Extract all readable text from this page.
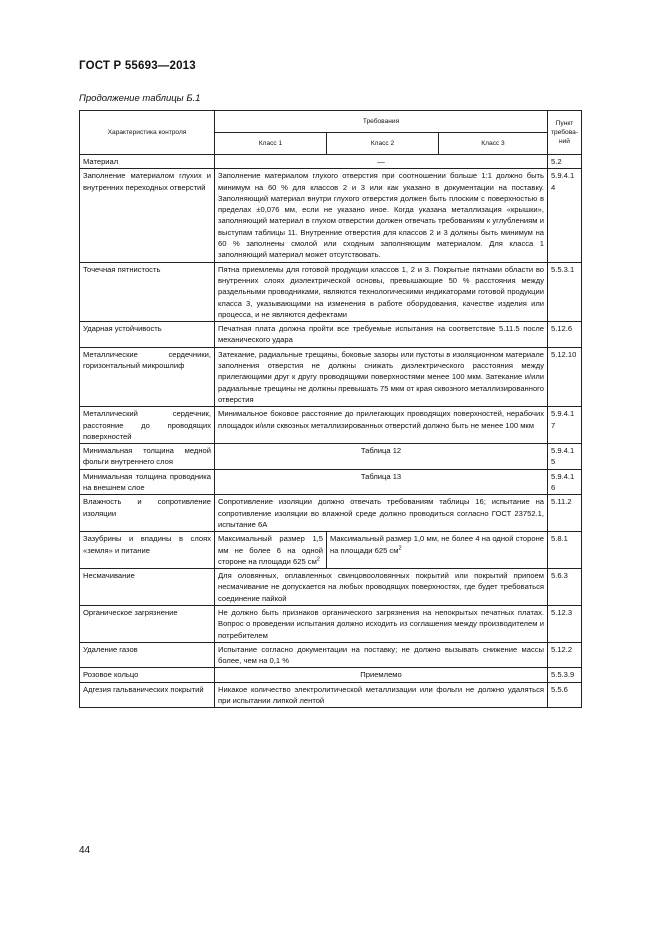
ГОСТ Р 55693—2013
Продолжение таблицы Б.1
Характеристика контроля	Требования			Пункт требова-ний
	Класс 1	Класс 2	Класс 3	
Материал	—			5.2
Заполнение материалом глухих и внутренних переходных отверстий	Заполнение материалом глухого отверстия при соотношении больше 1:1 должно быть минимум на 60 % для классов 2 и 3 или как указано в документации на поставку. Заполняющий материал внутри глухого отверстия должен быть плоским с поверхностью в пределах ±0,076 мм, если не указано иное. Когда указана металлизация «крышки», заполняющий материал в глухом отверстии должен отвечать требованиям к углублениям и выступам таблицы 11. Внутренние отверстия для классов 2 и 3 должны быть минимум на 60 % заполнены смолой или сходным заполняющим материалом. Для класса 1 заполняющий материал может отсутствовать.			5.9.4.14
Точечная пятнистость	Пятна приемлемы для готовой продукции классов 1, 2 и 3. Покрытые пятнами области во внутренних слоях диэлектрической основы, превышающие 50 % расстояния между раздельными проводниками, являются технологическими индикаторами готовой продукции класса 3, указывающими на изменения в работе оборудования, качестве изделия или процесса, и не являются дефектами			5.5.3.1
Ударная устойчивость	Печатная плата должна пройти все требуемые испытания на соответствие 5.11.5 после механического удара			5.12.6
Металлические сердечники, горизонтальный микрошлиф	Затекание, радиальные трещины, боковые зазоры или пустоты в изоляционном материале заполнения отверстия не должны снижать диэлектрического расстояния между прилегающими друг к другу проводящими поверхностями менее 100 мкм. Затекание и/или радиальные трещины не должны превышать 75 мкм от края сквозного металлизированного отверстия			5.12.10
Металлический сердечник, расстояние до проводящих поверхностей	Минимальное боковое расстояние до прилегающих проводящих поверхностей, нерабочих площадок и/или сквозных металлизированных отверстий должно быть не менее 100 мкм			5.9.4.17
Минимальная толщина медной фольги внутреннего слоя	Таблица 12			5.9.4.15
Минимальная толщина проводника на внешнем слое	Таблица 13			5.9.4.16
Влажность и сопротивление изоляции	Сопротивление изоляции должно отвечать требованиям таблицы 16; испытание на сопротивление изоляции во влажной среде должно проводиться согласно ГОСТ 23752.1, испытание 6А			5.11.2
Зазубрины и впадины в слоях «земля» и питание	Максимальный размер 1,5 мм не более 6 на одной стороне на площади 625 $см^2$	Максимальный размер 1,0 мм, не более 4 на одной стороне на площади 625 $см^2$		5.8.1
Несмачивание	Для оловянных, оплавленных свинцовооловянных покрытий или покрытий припоем несмачивание не допускается на любых проводящих поверхностях, где будет требоваться соединение пайкой			5.6.3
Органическое загрязнение	Не должно быть признаков органического загрязнения на непокрытых печатных платах. Вопрос о проведении испытания должно исходить из соглашения между производителем и потребителем			5.12.3
Удаление газов	Испытание согласно документации на поставку; не должно вызывать снижение массы более, чем на 0,1 %			5.12.2
Розовое кольцо	Приемлемо			5.5.3.9
Адгезия гальванических покрытий	Никакое количество электролитической металлизации или фольги не должно удаляться при испытании липкой лентой			5.5.6
44
